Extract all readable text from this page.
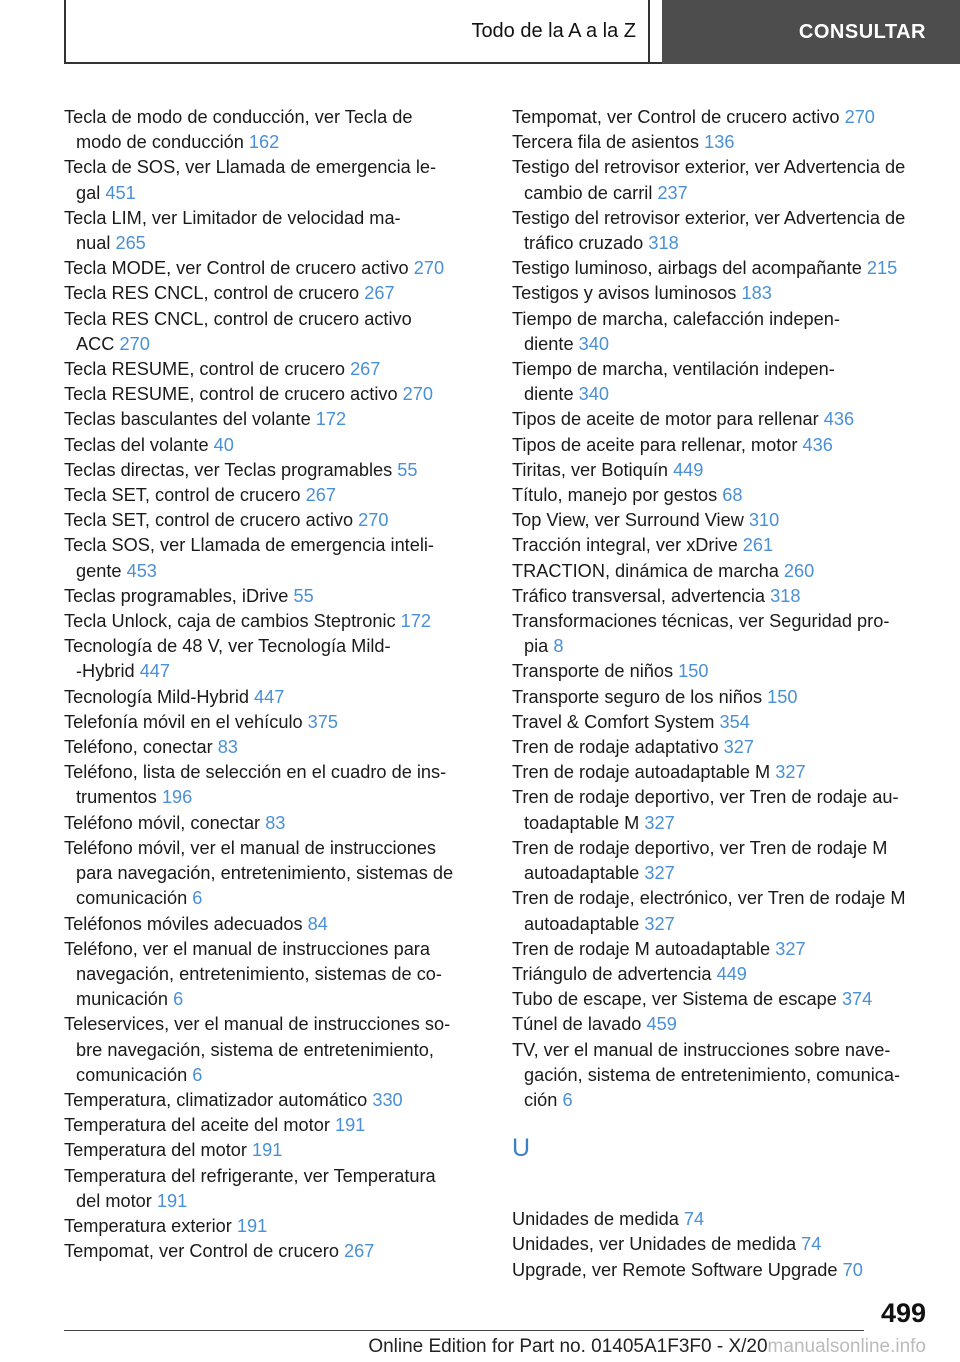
Todo de la A a la Z	CONSULTAR
Tecla de modo de conducción, ver Tecla de
modo de conducción 162
Tecla de SOS, ver Llamada de emergencia le‐
gal 451
Tecla LIM, ver Limitador de velocidad ma‐
nual 265
Tecla MODE, ver Control de crucero activo 270
Tecla RES CNCL, control de crucero 267
Tecla RES CNCL, control de crucero activo
ACC 270
Tecla RESUME, control de crucero 267
Tecla RESUME, control de crucero activo 270
Teclas basculantes del volante 172
Teclas del volante 40
Teclas directas, ver Teclas programables 55
Tecla SET, control de crucero 267
Tecla SET, control de crucero activo 270
Tecla SOS, ver Llamada de emergencia inteli‐
gente 453
Teclas programables, iDrive 55
Tecla Unlock, caja de cambios Steptronic 172
Tecnología de 48 V, ver Tecnología Mild-
-Hybrid 447
Tecnología Mild-Hybrid 447
Telefonía móvil en el vehículo 375
Teléfono, conectar 83
Teléfono, lista de selección en el cuadro de ins‐
trumentos 196
Teléfono móvil, conectar 83
Teléfono móvil, ver el manual de instrucciones
para navegación, entretenimiento, sistemas de
comunicación 6
Teléfonos móviles adecuados 84
Teléfono, ver el manual de instrucciones para
navegación, entretenimiento, sistemas de co‐
municación 6
Teleservices, ver el manual de instrucciones so‐
bre navegación, sistema de entretenimiento,
comunicación 6
Temperatura, climatizador automático 330
Temperatura del aceite del motor 191
Temperatura del motor 191
Temperatura del refrigerante, ver Temperatura
del motor 191
Temperatura exterior 191
Tempomat, ver Control de crucero 267
Tempomat, ver Control de crucero activo 270
Tercera fila de asientos 136
Testigo del retrovisor exterior, ver Advertencia de
cambio de carril 237
Testigo del retrovisor exterior, ver Advertencia de
tráfico cruzado 318
Testigo luminoso, airbags del acompañante 215
Testigos y avisos luminosos 183
Tiempo de marcha, calefacción indepen‐
diente 340
Tiempo de marcha, ventilación indepen‐
diente 340
Tipos de aceite de motor para rellenar 436
Tipos de aceite para rellenar, motor 436
Tiritas, ver Botiquín 449
Título, manejo por gestos 68
Top View, ver Surround View 310
Tracción integral, ver xDrive 261
TRACTION, dinámica de marcha 260
Tráfico transversal, advertencia 318
Transformaciones técnicas, ver Seguridad pro‐
pia 8
Transporte de niños 150
Transporte seguro de los niños 150
Travel & Comfort System 354
Tren de rodaje adaptativo 327
Tren de rodaje autoadaptable M 327
Tren de rodaje deportivo, ver Tren de rodaje au‐
toadaptable M 327
Tren de rodaje deportivo, ver Tren de rodaje M
autoadaptable 327
Tren de rodaje, electrónico, ver Tren de rodaje M
autoadaptable 327
Tren de rodaje M autoadaptable 327
Triángulo de advertencia 449
Tubo de escape, ver Sistema de escape 374
Túnel de lavado 459
TV, ver el manual de instrucciones sobre nave‐
gación, sistema de entretenimiento, comunica‐
ción 6
U
Unidades de medida 74
Unidades, ver Unidades de medida 74
Upgrade, ver Remote Software Upgrade 70
499
Online Edition for Part no. 01405A1F3F0 - X/20manualsonline.info
